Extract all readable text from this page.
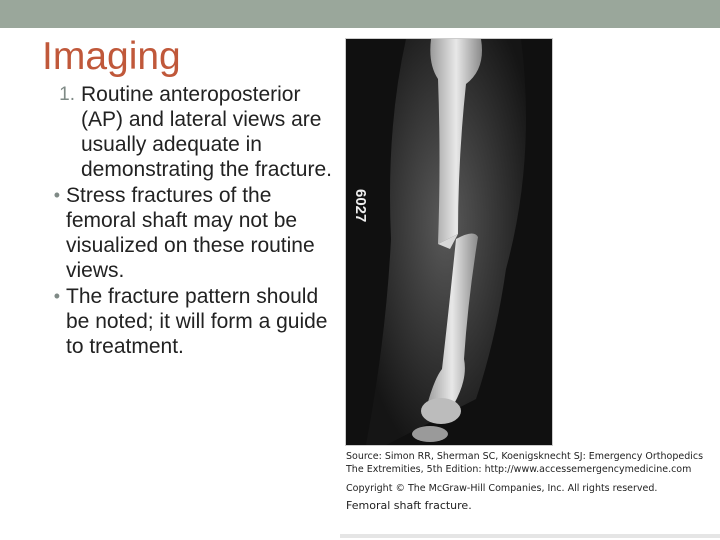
Imaging
1. Routine anteroposterior (AP) and lateral views are usually adequate in demonstrating the fracture.
• Stress fractures of the femoral shaft may not be visualized on these routine views.
• The fracture pattern should be noted; it will form a guide to treatment.
6027
Source: Simon RR, Sherman SC, Koenigsknecht SJ: Emergency Orthopedics
The Extremities, 5th Edition: http://www.accessemergencymedicine.com
Copyright © The McGraw-Hill Companies, Inc. All rights reserved.
Femoral shaft fracture.
